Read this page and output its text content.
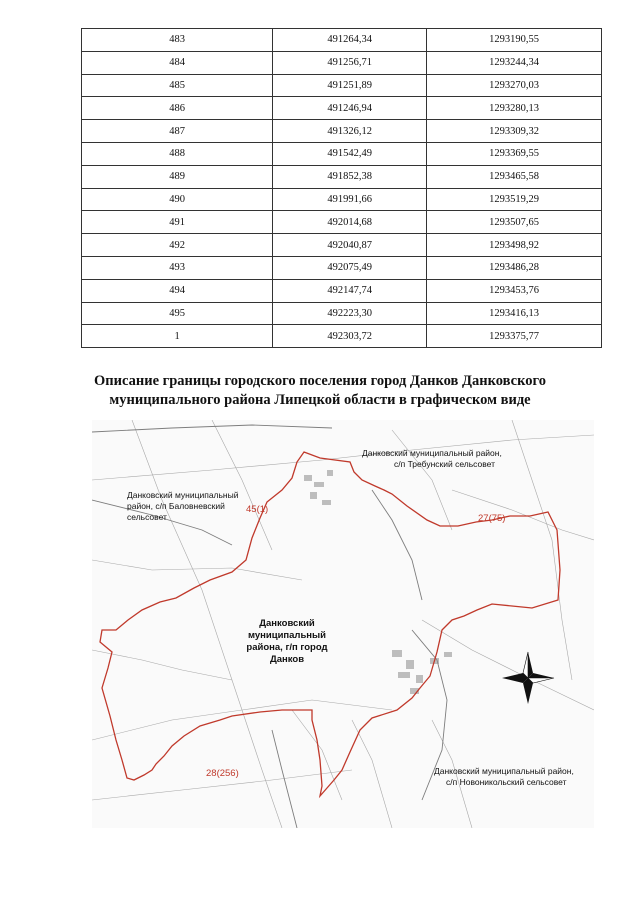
483	491264,34	1293190,55
484	491256,71	1293244,34
485	491251,89	1293270,03
486	491246,94	1293280,13
487	491326,12	1293309,32
488	491542,49	1293369,55
489	491852,38	1293465,58
490	491991,66	1293519,29
491	492014,68	1293507,65
492	492040,87	1293498,92
493	492075,49	1293486,28
494	492147,74	1293453,76
495	492223,30	1293416,13
1	492303,72	1293375,77
Описание границы городского поселения город Данков Данковского
муниципального района Липецкой области в графическом виде
Данковский муниципальный район,
с/п Требунский сельсовет
Данковский муниципальный
район, с/п Баловневский
сельсовет
Данковский
муниципальный
района, г/п город
Данков
Данковский муниципальный район,
с/п Новоникольский сельсовет
45(1)
27(75)
28(256)
